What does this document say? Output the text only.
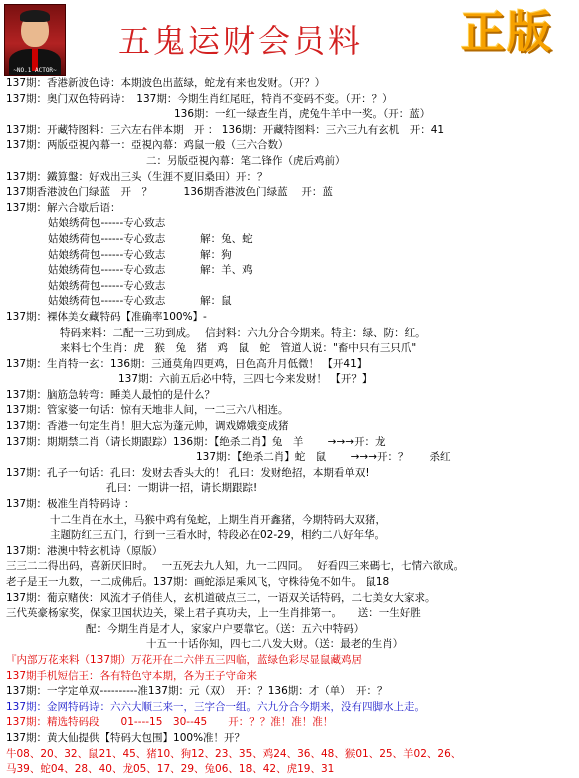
~NO.1 ACTOR~
五鬼运财会员料	正版
137期：香港新波色诗：本期波色出蓝绿，蛇龙有来也发财。（开？）
137期：奥门双色特码诗：　137期：今期生肖红尾旺，特肖不变码不变。（开：？）
136期：一红一绿查生肖，虎兔牛羊中一奖。（开：蓝）
137期：开藏特图料：三六左右伴本期　开 ： 136期：开藏特图料：三六三九有玄机　开：41
137期：两版亞視內幕一：亞視內幕：鸡鼠一般（三六合数）
二：另版亞視內幕：笔二锋作（虎后鸡前）
137期：鐵算盤：好戏出三头（生涯不夏旧桑田）开：？
137期香港波色门绿蓝　开　？　　　136期香港波色门绿蓝　 开：蓝
137期：解六合歇后语：
姑娘绣荷包------专心致志
姑娘绣荷包------专心致志　　　 解：兔、蛇
姑娘绣荷包------专心致志　　　 解：狗
姑娘绣荷包------专心致志　　　 解：羊、鸡
姑娘绣荷包------专心致志
姑娘绣荷包------专心致志　　　 解：鼠
137期：裸体美女藏特码【准确率100%】-
特码来料：二配一三功到成。　 信封料：六九分合今期来。特主：绿、防：红。
来料七个生肖：虎　猴　兔　猪　鸡　鼠　蛇　管道人说："畜中只有三只爪"
137期：生肖特一玄：136期：三通莫角四更鸡，日色高升月低微！ 【开41】
137期：六前五后必中特，三四七今来发财！ 【开？】
137期：脑筋急转弯：睡美人最怕的是什么？
137期：管家婆一句话：惊有天地非人间，一二三六八相连。
137期：香港一句定生肖！胆大忘为蓬元帅，调戏嫦娥变成猪
137期：期期禁二肖（请长期跟踪）136期：【绝杀二肖】兔　羊　　 →→→开：龙
137期：【绝杀二肖】蛇　鼠　　 →→→开：？　　杀红
137期：孔子一句话：孔曰：发财去香头大的！ 孔曰：发财绝招，本期看单双!
孔曰：一期讲一招，请长期跟踪!
137期：极准生肖特码诗 ：
十二生肖在水土，马猴中鸡有兔蛇，上期生肖开鑫猪，今期特码大双猪，
主题防红三五门，行到一三看水时，特段必在02-29，相约二八好年华。
137期：港澳中特玄机诗（原版）
三三二二得出码，喜新厌旧时。　 一五死去九人知，九一二四同。　 好看四三来碼七，七情六欲成。
老子是王一九数，一二成佛后。137期：画蛇添足乘风飞，守株待兔不如牛。 鼠18
137期：葡京赌侠：风流才子俏佳人，玄机道破点三二，一语双关话特码，二七美女大家求。
三代英豪杨家奖，保家卫国状边关，梁上君子真功夫，上一生肖排第一。　　送：一生好胜
配：今期生肖是才人，家家户户要靠它。（送：五六中特码）
十五一十话你知，四七二八发大财。（送：最老的生肖）
『内部万花来料（137期）万花开在二六伴五三四临，蓝绿色彩尽显鼠藏鸡居
137期手机短信王：各有特色守本期，各为王子守命来
137期：一字定单双----------准137期：元（双）　开：？136期：才（单）　开：？
137期：金网特码诗：六六大顺三来一，三字合一组。六九分合今期来，没有四脚水上走。
137期：精选特码段　　01----15　30--45　　开：？？准！准！准！
137期：黄大仙提供【特码大包围】100%准！开？
牛08、20、32、鼠21、45、猪10、狗12、23、35、鸡24、36、48、猴01、25、羊02、26、
马39、蛇04、28、40、龙05、17、29、兔06、18、42、虎19、31
